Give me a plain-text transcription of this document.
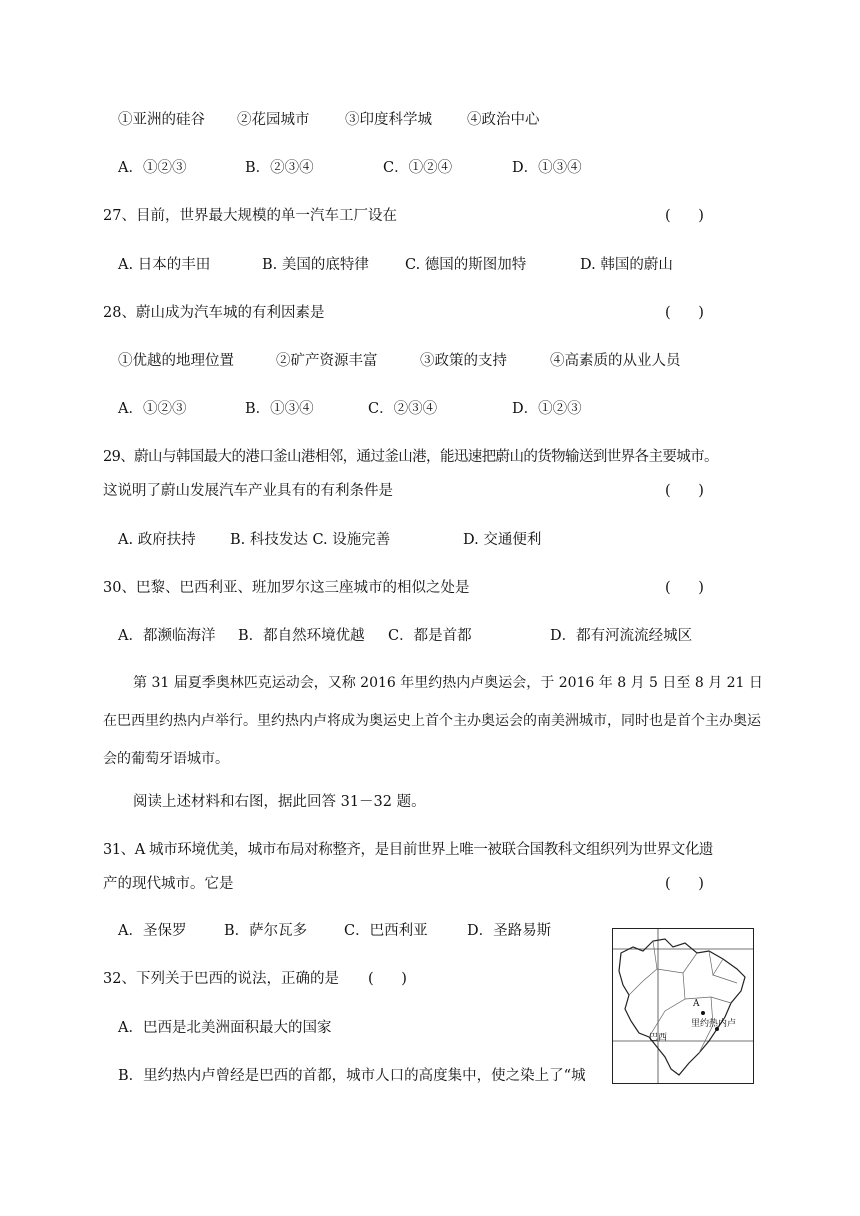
①亚洲的硅谷 ②花园城市 ③印度科学城 ④政治中心
A．①②③	B．②③④	C．①②④	D．①③④
27、目前，世界最大规模的单一汽车工厂设在	(      )
A. 日本的丰田	B. 美国的底特律 C. 德国的斯图加特	D. 韩国的蔚山
28、蔚山成为汽车城的有利因素是	(      )
①优越的地理位置	②矿产资源丰富	③政策的支持	④高素质的从业人员
A．①②③	B．①③④	C．②③④	D．①②③
29、蔚山与韩国最大的港口釜山港相邻，通过釜山港，能迅速把蔚山的货物输送到世界各主要城市。
这说明了蔚山发展汽车产业具有的有利条件是	(      )
A. 政府扶持 B. 科技发达 C. 设施完善	D. 交通便利
30、巴黎、巴西利亚、班加罗尔这三座城市的相似之处是	(      )
A．都濒临海洋 B．都自然环境优越 C．都是首都	D．都有河流流经城区
第 31 届夏季奥林匹克运动会，又称 2016 年里约热内卢奥运会，于 2016 年 8 月 5 日至 8 月 21 日在巴西里约热内卢举行。里约热内卢将成为奥运史上首个主办奥运会的南美洲城市，同时也是首个主办奥运会的葡萄牙语城市。
阅读上述材料和右图，据此回答 31－32 题。
31、A 城市环境优美，城市布局对称整齐，是目前世界上唯一被联合国教科文组织列为世界文化遗
产的现代城市。它是	(      )
A．圣保罗	B．萨尔瓦多	C．巴西利亚	D．圣路易斯
32、下列关于巴西的说法，正确的是 (      )
A．巴西是北美洲面积最大的国家
B．里约热内卢曾经是巴西的首都，城市人口的高度集中，使之染上了“城
A
里约热内卢
巴西
